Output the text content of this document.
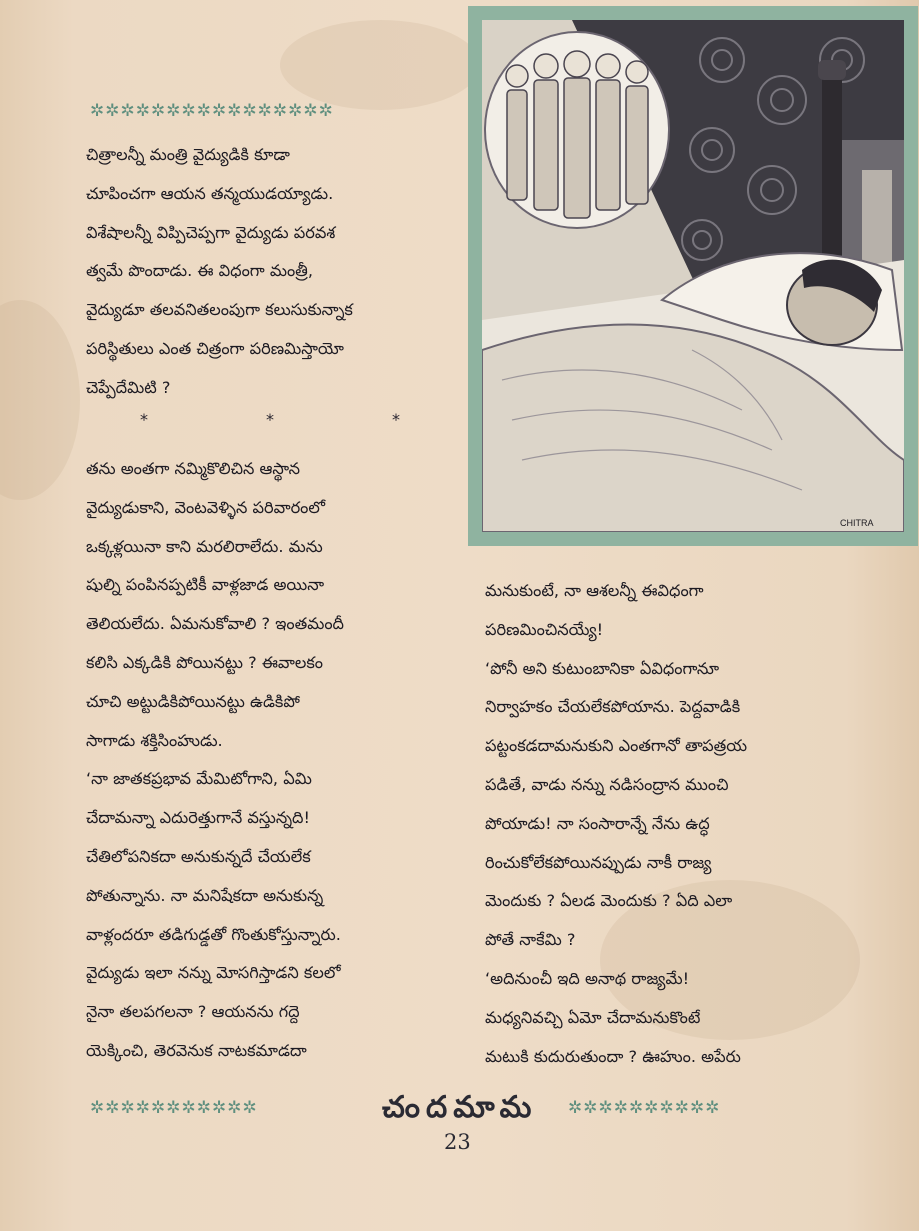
✲✲✲✲✲✲✲✲✲✲✲✲✲✲✲✲
చిత్రాలన్నీ మంత్రి వైద్యుడికి కూడా
చూపించగా ఆయన తన్మయుడయ్యాడు.
విశేషాలన్నీ విప్పిచెప్పగా వైద్యుడు పరవశ
త్వమే పొందాడు. ఈ విధంగా మంత్రీ,
వైద్యుడూ తలవనితలంపుగా కలుసుకున్నాక
పరిస్థితులు ఎంత చిత్రంగా పరిణమిస్తాయో
చెప్పేదేమిటి ?
*	*	*
తను అంతగా నమ్మికొలిచిన ఆస్థాన
వైద్యుడుకాని, వెంటవెళ్ళిన పరివారంలో
ఒక్కళ్లయినా కాని మరలిరాలేదు. మను
షుల్ని పంపినప్పటికీ వాళ్లజాడ అయినా
తెలియలేదు. ఏమనుకోవాలి ? ఇంతమందీ
కలిసి ఎక్కడికి పోయినట్టు ? ఈవాలకం
చూచి అట్టుడికిపోయినట్టు ఉడికిపో
సాగాడు శక్తిసింహుడు.
‘నా జాతకప్రభావ మేమిటోగాని, ఏమి
చేదామన్నా ఎదురెత్తుగానే వస్తున్నది!
చేతిలోపనికదా అనుకున్నదే చేయలేక
పోతున్నాను. నా మనిషేకదా అనుకున్న
వాళ్లందరూ తడిగుడ్డతో గొంతుకోస్తున్నారు.
వైద్యుడు ఇలా నన్ను మోసగిస్తాడని కలలో
నైనా తలపగలనా ? ఆయనను గద్దె
యెక్కించి, తెరవెనుక నాటకమాడదా
CHITRA
మనుకుంటే, నా ఆశలన్నీ ఈవిధంగా
పరిణమించినయ్యే!
‘పోనీ అని కుటుంబానికా ఏవిధంగానూ
నిర్వాహకం చేయలేకపోయాను. పెద్దవాడికి
పట్టంకడదామనుకుని ఎంతగానో తాపత్రయ
పడితే, వాడు నన్ను నడిసంద్రాన ముంచి
పోయాడు! నా సంసారాన్నే నేను ఉద్ధ
రించుకోలేకపోయినప్పుడు నాకీ రాజ్య
మెందుకు ? ఏలడ మెందుకు ? ఏది ఎలా
పోతే నాకేమి ?
‘అదినుంచీ ఇది అనాథ రాజ్యమే!
మధ్యనివచ్చి ఏమో చేదామనుకొంటే
మటుకి కుదురుతుందా ? ఊహుం. అపేరు
✲✲✲✲✲✲✲✲✲✲✲	చందమామ ✲✲✲✲✲✲✲✲✲✲
23
